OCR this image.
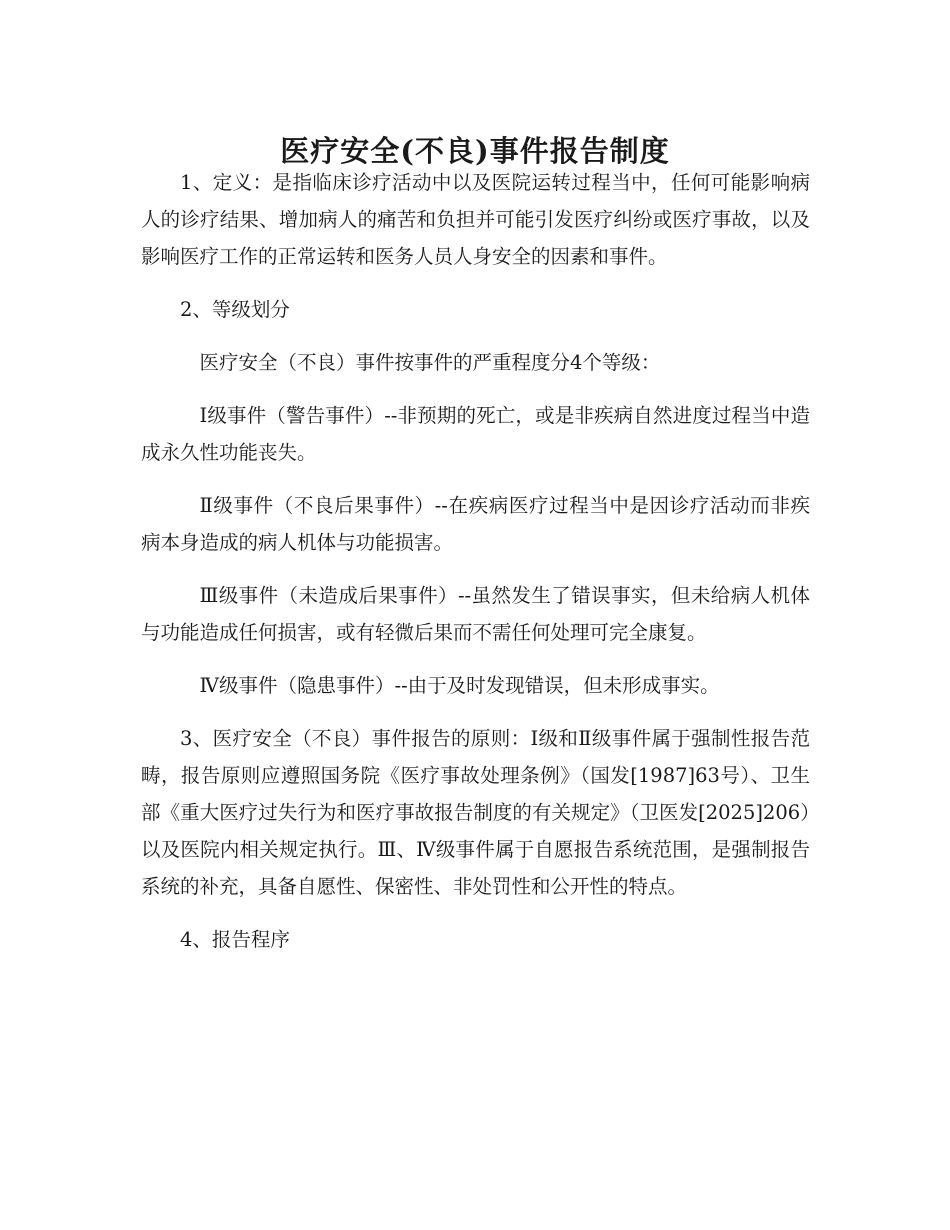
医疗安全(不良)事件报告制度

1、定义：是指临床诊疗活动中以及医院运转过程当中，任何可能影响病人的诊疗结果、增加病人的痛苦和负担并可能引发医疗纠纷或医疗事故，以及影响医疗工作的正常运转和医务人员人身安全的因素和事件。

2、等级划分

医疗安全（不良）事件按事件的严重程度分4个等级：

Ⅰ级事件（警告事件）--非预期的死亡，或是非疾病自然进度过程当中造成永久性功能丧失。

Ⅱ级事件（不良后果事件）--在疾病医疗过程当中是因诊疗活动而非疾病本身造成的病人机体与功能损害。

Ⅲ级事件（未造成后果事件）--虽然发生了错误事实，但未给病人机体与功能造成任何损害，或有轻微后果而不需任何处理可完全康复。

Ⅳ级事件（隐患事件）--由于及时发现错误，但未形成事实。

3、医疗安全（不良）事件报告的原则：Ⅰ级和Ⅱ级事件属于强制性报告范畴，报告原则应遵照国务院《医疗事故处理条例》（国发[1987]63号）、卫生部《重大医疗过失行为和医疗事故报告制度的有关规定》（卫医发[2025]206）以及医院内相关规定执行。Ⅲ、Ⅳ级事件属于自愿报告系统范围，是强制报告系统的补充，具备自愿性、保密性、非处罚性和公开性的特点。

4、报告程序
